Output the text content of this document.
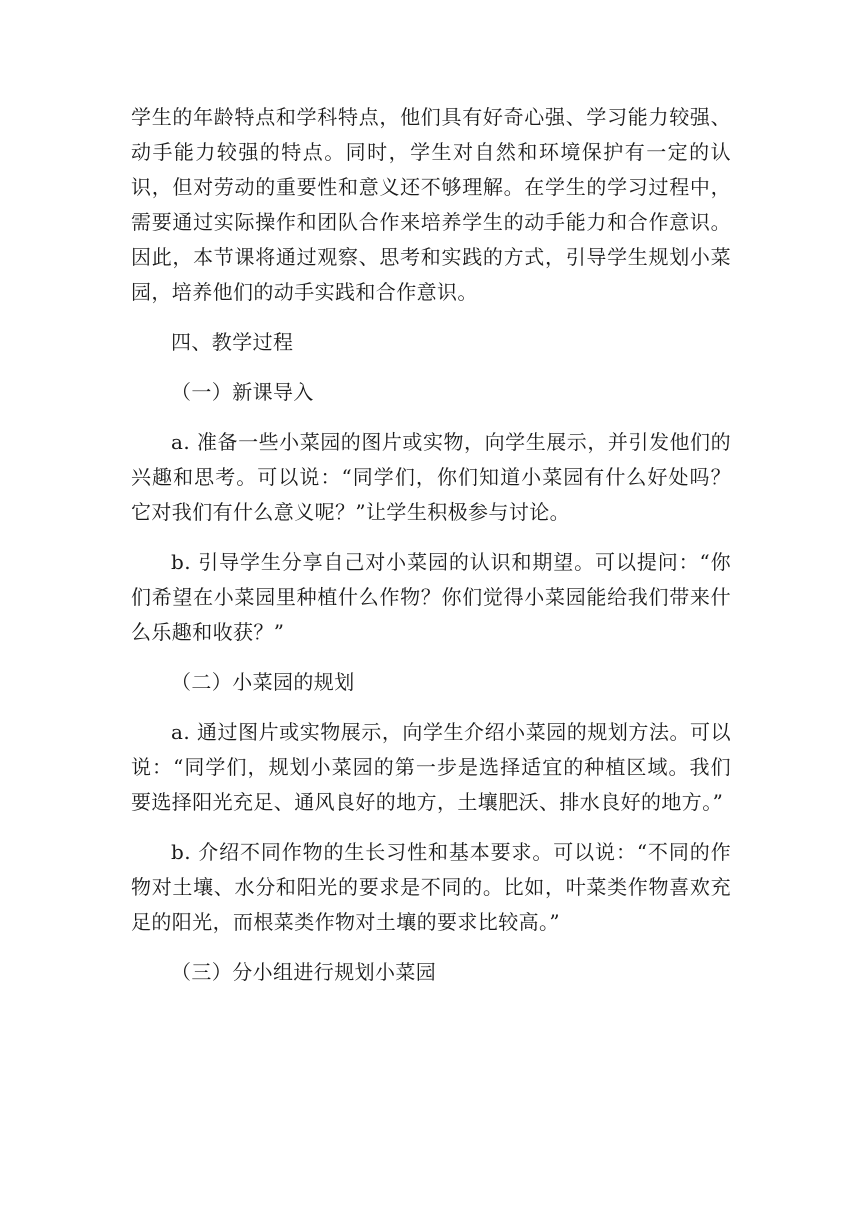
学生的年龄特点和学科特点，他们具有好奇心强、学习能力较强、动手能力较强的特点。同时，学生对自然和环境保护有一定的认识，但对劳动的重要性和意义还不够理解。在学生的学习过程中，需要通过实际操作和团队合作来培养学生的动手能力和合作意识。因此，本节课将通过观察、思考和实践的方式，引导学生规划小菜园，培养他们的动手实践和合作意识。

四、教学过程

（一）新课导入

a. 准备一些小菜园的图片或实物，向学生展示，并引发他们的兴趣和思考。可以说：“同学们，你们知道小菜园有什么好处吗？它对我们有什么意义呢？”让学生积极参与讨论。

b. 引导学生分享自己对小菜园的认识和期望。可以提问：“你们希望在小菜园里种植什么作物？你们觉得小菜园能给我们带来什么乐趣和收获？”

（二）小菜园的规划

a. 通过图片或实物展示，向学生介绍小菜园的规划方法。可以说：“同学们，规划小菜园的第一步是选择适宜的种植区域。我们要选择阳光充足、通风良好的地方，土壤肥沃、排水良好的地方。”

b. 介绍不同作物的生长习性和基本要求。可以说：“不同的作物对土壤、水分和阳光的要求是不同的。比如，叶菜类作物喜欢充足的阳光，而根菜类作物对土壤的要求比较高。”

（三）分小组进行规划小菜园
